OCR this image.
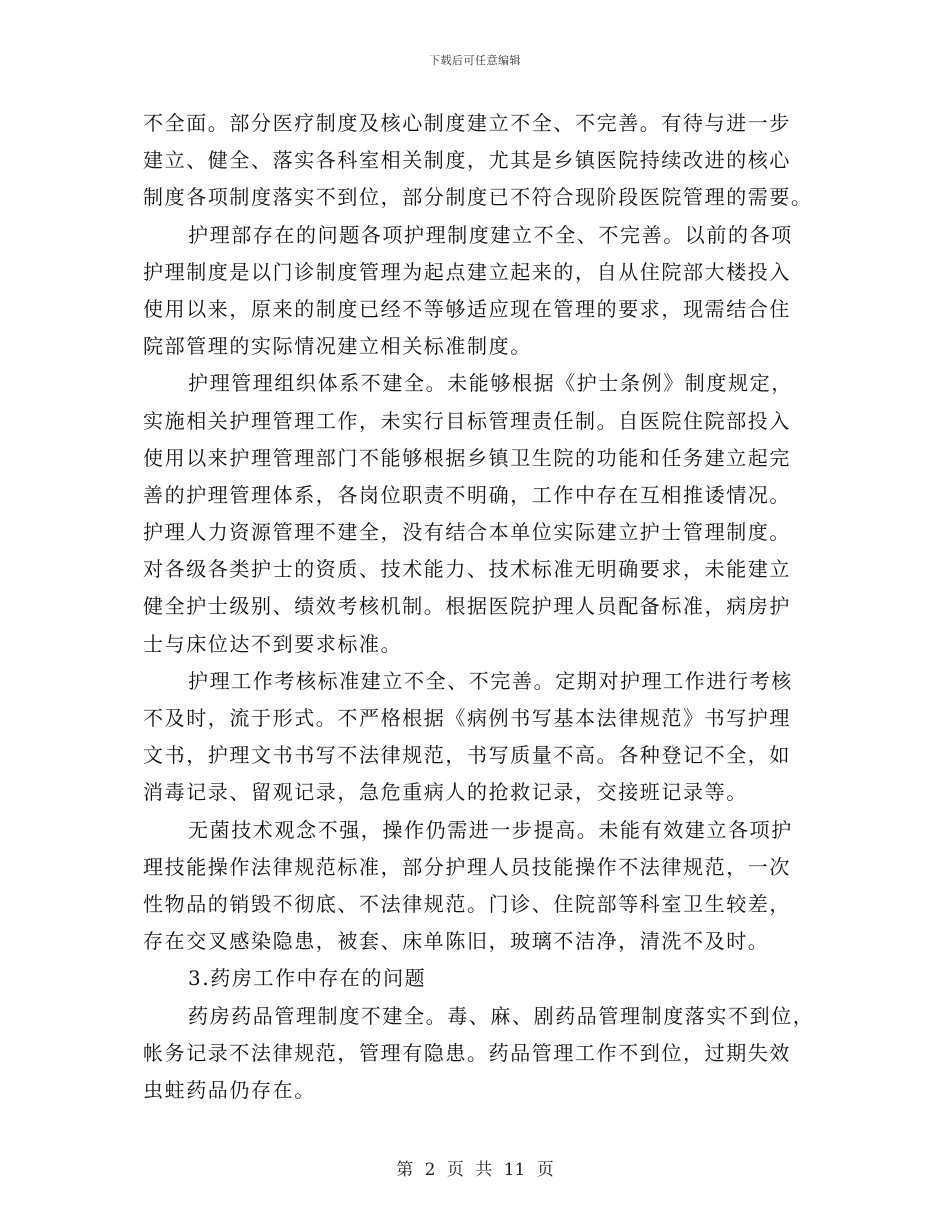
下载后可任意编辑
不全面。部分医疗制度及核心制度建立不全、不完善。有待与进一步
建立、健全、落实各科室相关制度，尤其是乡镇医院持续改进的核心
制度各项制度落实不到位，部分制度已不符合现阶段医院管理的需要。
护理部存在的问题各项护理制度建立不全、不完善。以前的各项
护理制度是以门诊制度管理为起点建立起来的，自从住院部大楼投入
使用以来，原来的制度已经不等够适应现在管理的要求，现需结合住
院部管理的实际情况建立相关标准制度。
护理管理组织体系不建全。未能够根据《护士条例》制度规定，
实施相关护理管理工作，未实行目标管理责任制。自医院住院部投入
使用以来护理管理部门不能够根据乡镇卫生院的功能和任务建立起完
善的护理管理体系，各岗位职责不明确，工作中存在互相推诿情况。
护理人力资源管理不建全，没有结合本单位实际建立护士管理制度。
对各级各类护士的资质、技术能力、技术标准无明确要求，未能建立
健全护士级别、绩效考核机制。根据医院护理人员配备标准，病房护
士与床位达不到要求标准。
护理工作考核标准建立不全、不完善。定期对护理工作进行考核
不及时，流于形式。不严格根据《病例书写基本法律规范》书写护理
文书，护理文书书写不法律规范，书写质量不高。各种登记不全，如
消毒记录、留观记录，急危重病人的抢救记录，交接班记录等。
无菌技术观念不强，操作仍需进一步提高。未能有效建立各项护
理技能操作法律规范标准，部分护理人员技能操作不法律规范，一次
性物品的销毁不彻底、不法律规范。门诊、住院部等科室卫生较差，
存在交叉感染隐患，被套、床单陈旧，玻璃不洁净，清洗不及时。
3.药房工作中存在的问题
药房药品管理制度不建全。毒、麻、剧药品管理制度落实不到位，
帐务记录不法律规范，管理有隐患。药品管理工作不到位，过期失效
虫蛀药品仍存在。
第 2 页 共 11 页
